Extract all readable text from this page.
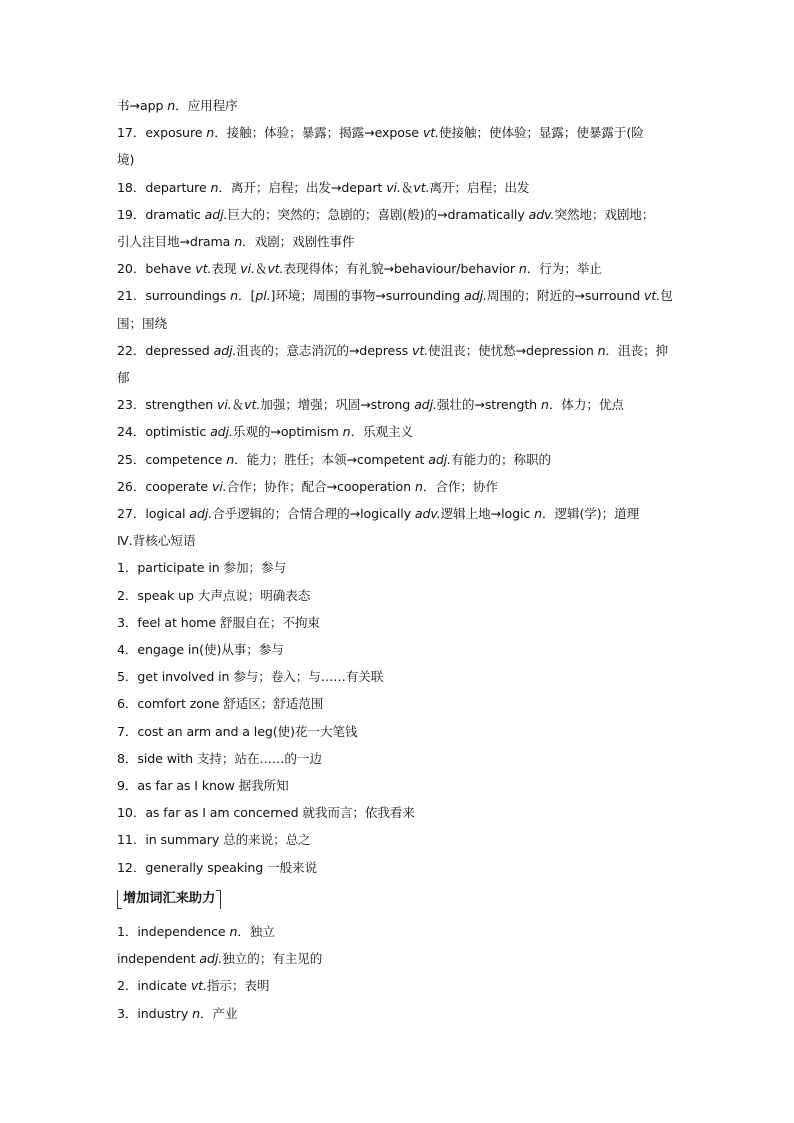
书→app n．应用程序
17．exposure n．接触；体验；暴露；揭露→expose vt.使接触；使体验；显露；使暴露于(险
境)
18．departure n．离开；启程；出发→depart vi.＆vt.离开；启程；出发
19．dramatic adj.巨大的；突然的；急剧的；喜剧(般)的→dramatically adv.突然地；戏剧地；
引人注目地→drama n．戏剧；戏剧性事件
20．behave vt.表现 vi.＆vt.表现得体；有礼貌→behaviour/behavior n．行为；举止
21．surroundings n．[pl.]环境；周围的事物→surrounding adj.周围的；附近的→surround vt.包
围；围绕
22．depressed adj.沮丧的；意志消沉的→depress vt.使沮丧；使忧愁→depression n．沮丧；抑
郁
23．strengthen vi.＆vt.加强；增强；巩固→strong adj.强壮的→strength n．体力；优点
24．optimistic adj.乐观的→optimism n．乐观主义
25．competence n．能力；胜任；本领→competent adj.有能力的；称职的
26．cooperate vi.合作；协作；配合→cooperation n．合作；协作
27．logical adj.合乎逻辑的；合情合理的→logically adv.逻辑上地→logic n．逻辑(学)；道理
Ⅳ.背核心短语
1．participate in 参加；参与
2．speak up 大声点说；明确表态
3．feel at home 舒服自在；不拘束
4．engage in(使)从事；参与
5．get involved in 参与；卷入；与……有关联
6．comfort zone 舒适区；舒适范围
7．cost an arm and a leg(使)花一大笔钱
8．side with 支持；站在……的一边
9．as far as I know 据我所知
10．as far as I am concerned 就我而言；依我看来
11．in summary 总的来说；总之
12．generally speaking 一般来说
增加词汇来助力
1．independence n．独立
independent adj.独立的；有主见的
2．indicate vt.指示；表明
3．industry n．产业
